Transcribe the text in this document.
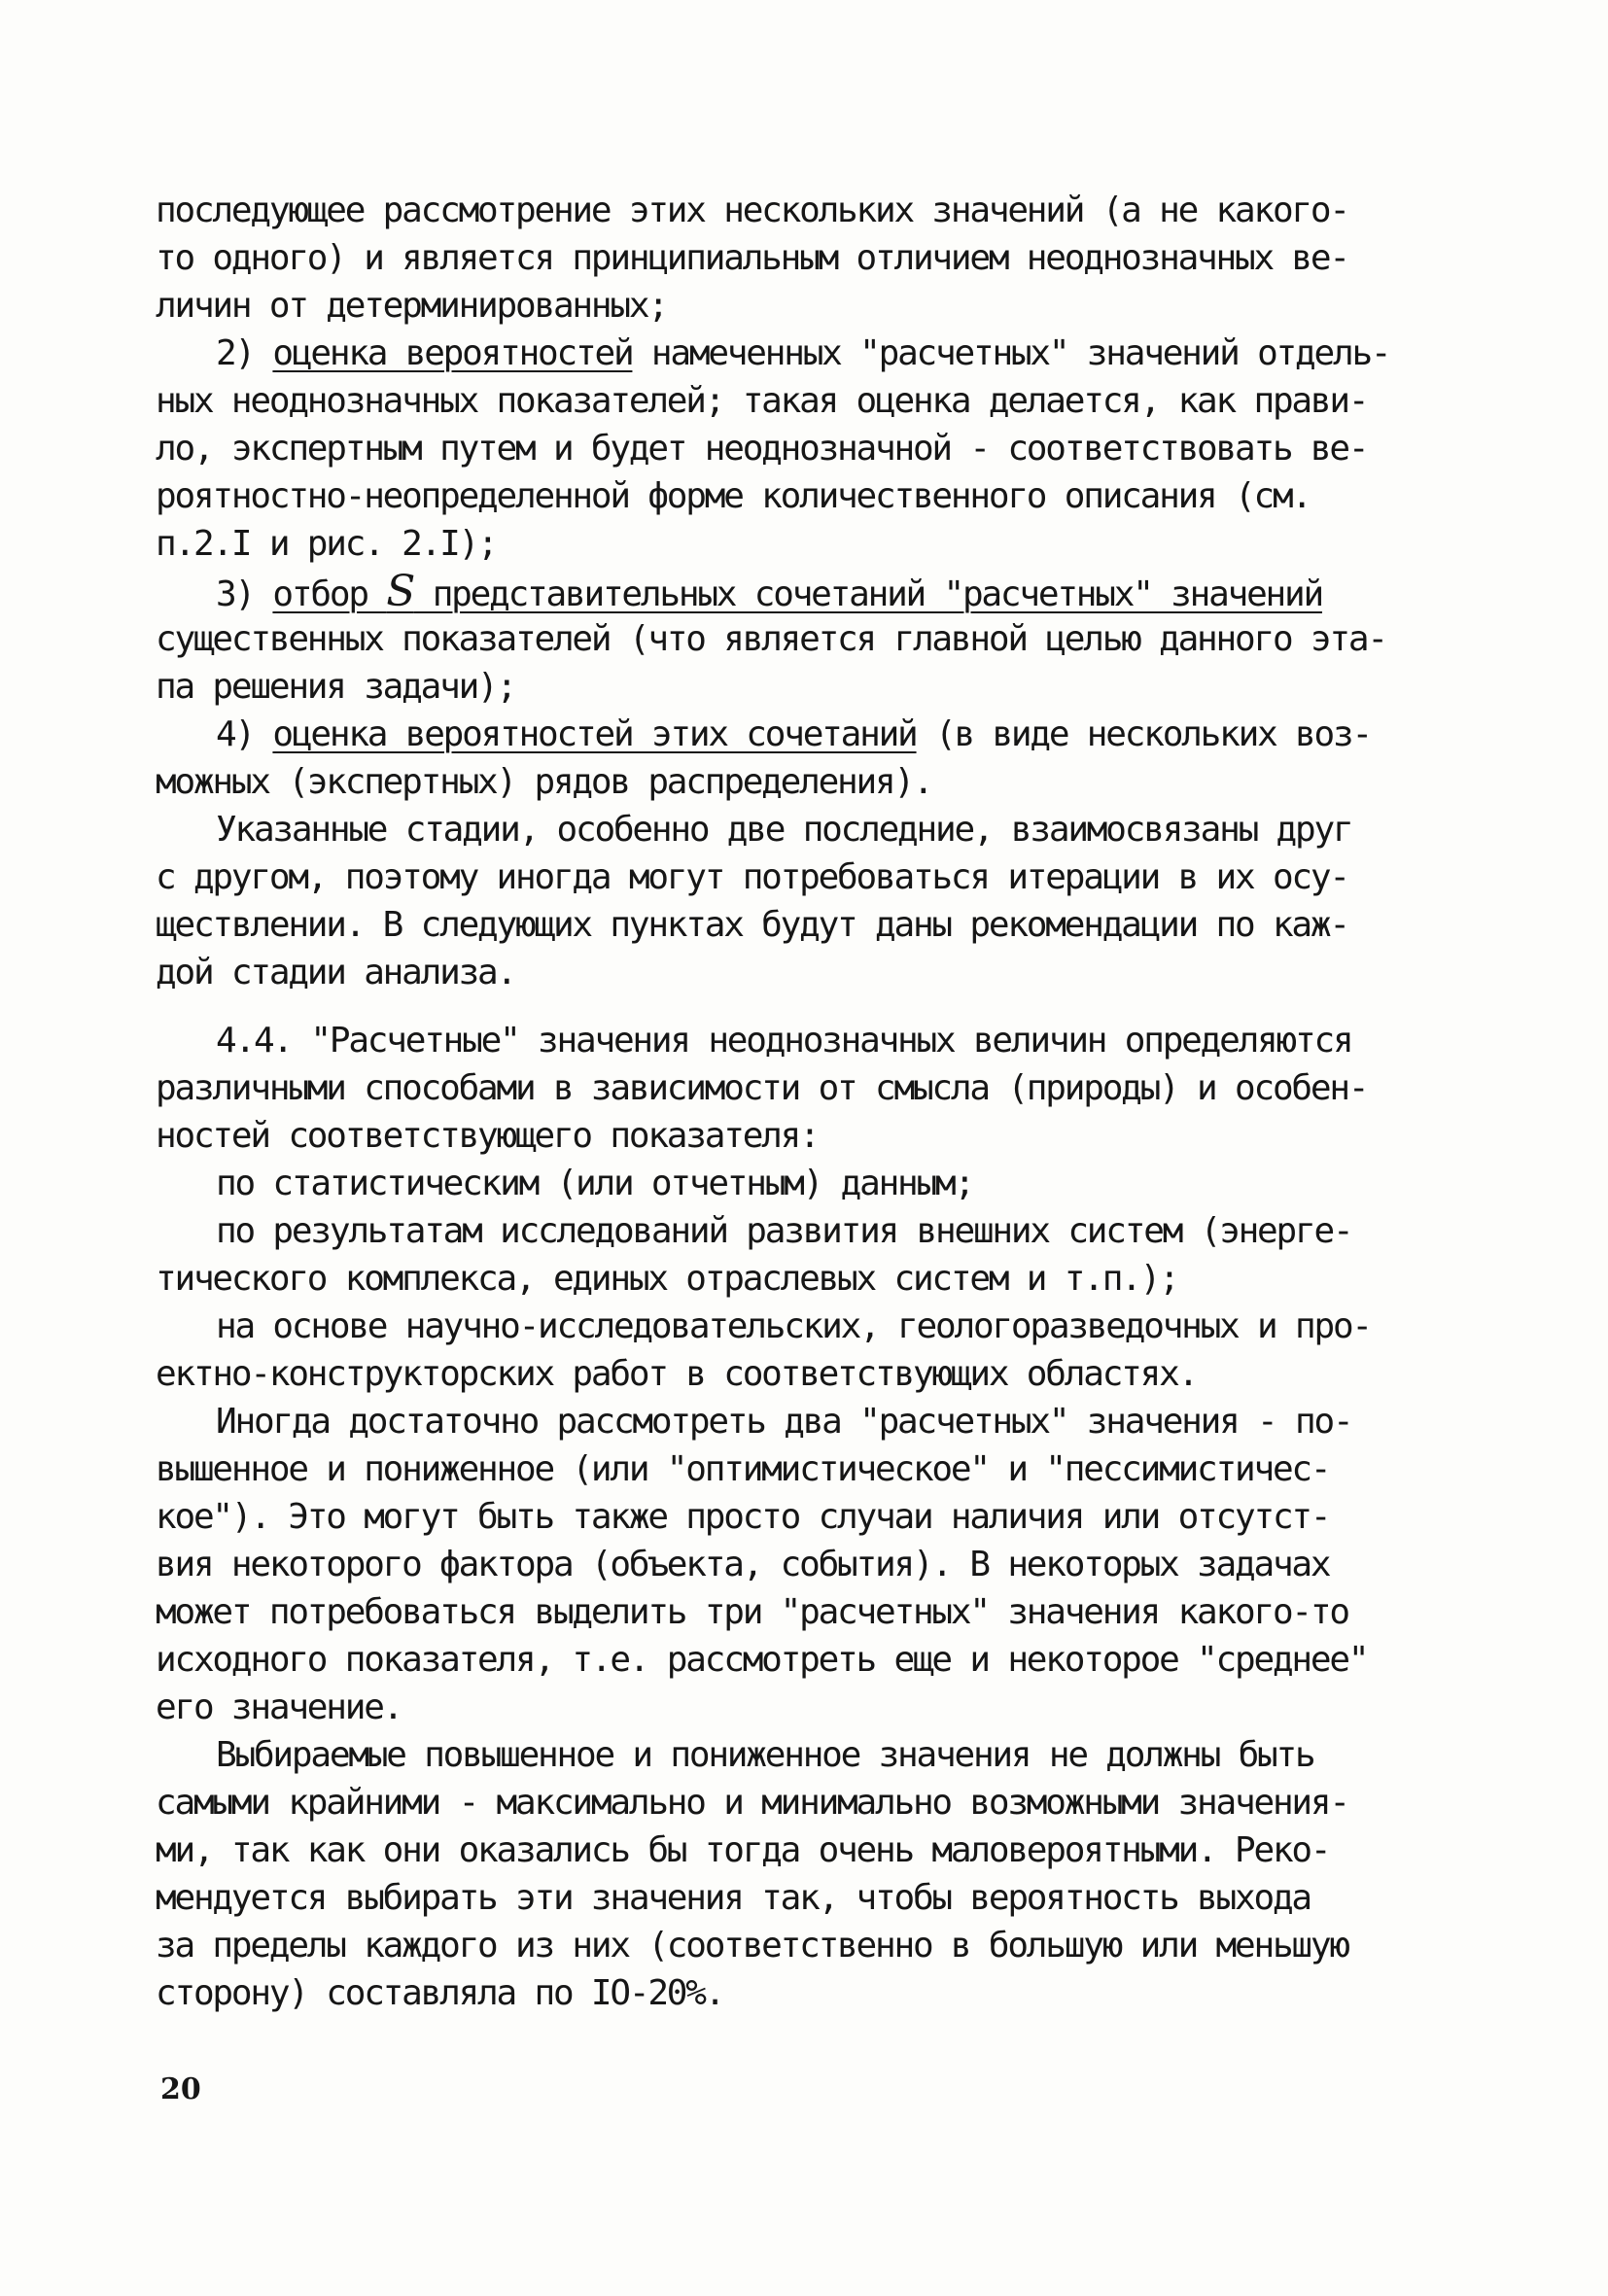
последующее рассмотрение этих нескольких значений (а не какого-
то одного) и является принципиальным отличием неоднозначных ве-
личин от детерминированных;
2) оценка вероятностей намеченных "расчетных" значений отдель-
ных неоднозначных показателей; такая оценка делается, как прави-
ло, экспертным путем и будет неоднозначной - соответствовать ве-
роятностно-неопределенной форме количественного описания (см.
п.2.I и рис. 2.I);
3) отбор S представительных сочетаний "расчетных" значений
существенных показателей (что является главной целью данного эта-
па решения задачи);
4) оценка вероятностей этих сочетаний (в виде нескольких воз-
можных (экспертных) рядов распределения).
Указанные стадии, особенно две последние, взаимосвязаны друг
с другом, поэтому иногда могут потребоваться итерации в их осу-
ществлении. В следующих пунктах будут даны рекомендации по каж-
дой стадии анализа.
4.4. "Расчетные" значения неоднозначных величин определяются
различными способами в зависимости от смысла (природы) и особен-
ностей соответствующего показателя:
по статистическим (или отчетным) данным;
по результатам исследований развития внешних систем (энерге-
тического комплекса, единых отраслевых систем и т.п.);
на основе научно-исследовательских, геологоразведочных и про-
ектно-конструкторских работ в соответствующих областях.
Иногда достаточно рассмотреть два "расчетных" значения - по-
вышенное и пониженное (или "оптимистическое" и "пессимистичес-
кое"). Это могут быть также просто случаи наличия или отсутст-
вия некоторого фактора (объекта, события). В некоторых задачах
может потребоваться выделить три "расчетных" значения какого-то
исходного показателя, т.е. рассмотреть еще и некоторое "среднее"
его значение.
Выбираемые повышенное и пониженное значения не должны быть
самыми крайними - максимально и минимально возможными значения-
ми, так как они оказались бы тогда очень маловероятными. Реко-
мендуется выбирать эти значения так, чтобы вероятность выхода
за пределы каждого из них (соответственно в большую или меньшую
сторону) составляла по IO-20%.
20
